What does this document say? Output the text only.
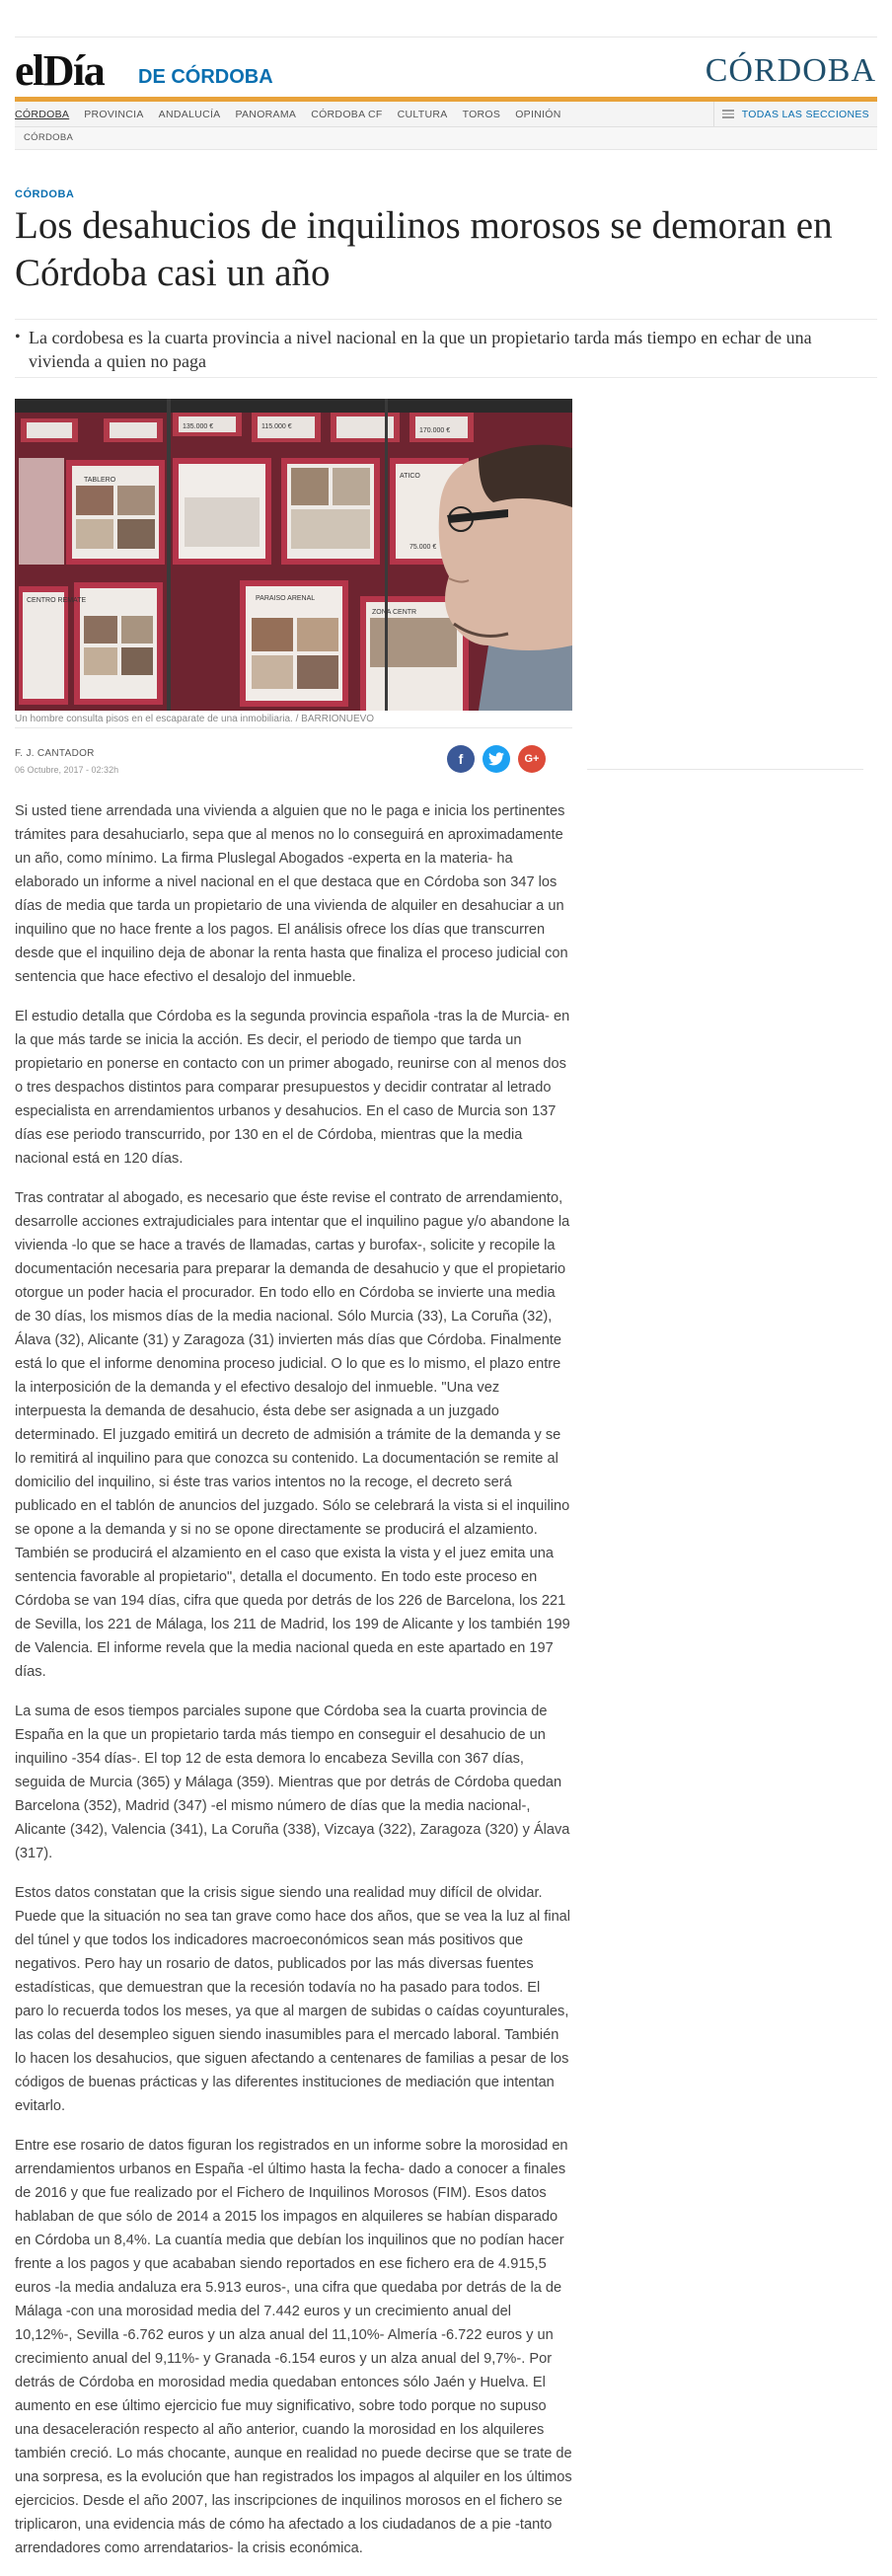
elDía DE CÓRDOBA	CÓRDOBA
CÓRDOBA PROVINCIA ANDALUCÍA PANORAMA CÓRDOBA CF CULTURA TOROS OPINIÓN	TODAS LAS SECCIONES
CÓRDOBA
CÓRDOBA
Los desahucios de inquilinos morosos se demoran en Córdoba casi un año
• La cordobesa es la cuarta provincia a nivel nacional en la que un propietario tarda más tiempo en echar de una vivienda a quien no paga
TABLERO
CENTRO REMATE	PARAISO ARENAL
ZONA CENTR
ATICO
170.000 €
135.000 €	115.000 €
75.000 €
Un hombre consulta pisos en el escaparate de una inmobiliaria. / BARRIONUEVO
F. J. CANTADOR
06 Octubre, 2017 - 02:32h
f	G+

Si usted tiene arrendada una vivienda a alguien que no le paga e inicia los pertinentes trámites para desahuciarlo, sepa que al menos no lo conseguirá en aproximadamente un año, como mínimo. La firma Pluslegal Abogados -experta en la materia- ha elaborado un informe a nivel nacional en el que destaca que en Córdoba son 347 los días de media que tarda un propietario de una vivienda de alquiler en desahuciar a un inquilino que no hace frente a los pagos. El análisis ofrece los días que transcurren desde que el inquilino deja de abonar la renta hasta que finaliza el proceso judicial con sentencia que hace efectivo el desalojo del inmueble.

El estudio detalla que Córdoba es la segunda provincia española -tras la de Murcia- en la que más tarde se inicia la acción. Es decir, el periodo de tiempo que tarda un propietario en ponerse en contacto con un primer abogado, reunirse con al menos dos o tres despachos distintos para comparar presupuestos y decidir contratar al letrado especialista en arrendamientos urbanos y desahucios. En el caso de Murcia son 137 días ese periodo transcurrido, por 130 en el de Córdoba, mientras que la media nacional está en 120 días.

Tras contratar al abogado, es necesario que éste revise el contrato de arrendamiento, desarrolle acciones extrajudiciales para intentar que el inquilino pague y/o abandone la vivienda -lo que se hace a través de llamadas, cartas y burofax-, solicite y recopile la documentación necesaria para preparar la demanda de desahucio y que el propietario otorgue un poder hacia el procurador. En todo ello en Córdoba se invierte una media de 30 días, los mismos días de la media nacional. Sólo Murcia (33), La Coruña (32), Álava (32), Alicante (31) y Zaragoza (31) invierten más días que Córdoba. Finalmente está lo que el informe denomina proceso judicial. O lo que es lo mismo, el plazo entre la interposición de la demanda y el efectivo desalojo del inmueble. "Una vez interpuesta la demanda de desahucio, ésta debe ser asignada a un juzgado determinado. El juzgado emitirá un decreto de admisión a trámite de la demanda y se lo remitirá al inquilino para que conozca su contenido. La documentación se remite al domicilio del inquilino, si éste tras varios intentos no la recoge, el decreto será publicado en el tablón de anuncios del juzgado. Sólo se celebrará la vista si el inquilino se opone a la demanda y si no se opone directamente se producirá el alzamiento. También se producirá el alzamiento en el caso que exista la vista y el juez emita una sentencia favorable al propietario", detalla el documento. En todo este proceso en Córdoba se van 194 días, cifra que queda por detrás de los 226 de Barcelona, los 221 de Sevilla, los 221 de Málaga, los 211 de Madrid, los 199 de Alicante y los también 199 de Valencia. El informe revela que la media nacional queda en este apartado en 197 días.

La suma de esos tiempos parciales supone que Córdoba sea la cuarta provincia de España en la que un propietario tarda más tiempo en conseguir el desahucio de un inquilino -354 días-. El top 12 de esta demora lo encabeza Sevilla con 367 días, seguida de Murcia (365) y Málaga (359). Mientras que por detrás de Córdoba quedan Barcelona (352), Madrid (347) -el mismo número de días que la media nacional-, Alicante (342), Valencia (341), La Coruña (338), Vizcaya (322), Zaragoza (320) y Álava (317).

Estos datos constatan que la crisis sigue siendo una realidad muy difícil de olvidar. Puede que la situación no sea tan grave como hace dos años, que se vea la luz al final del túnel y que todos los indicadores macroeconómicos sean más positivos que negativos. Pero hay un rosario de datos, publicados por las más diversas fuentes estadísticas, que demuestran que la recesión todavía no ha pasado para todos. El paro lo recuerda todos los meses, ya que al margen de subidas o caídas coyunturales, las colas del desempleo siguen siendo inasumibles para el mercado laboral. También lo hacen los desahucios, que siguen afectando a centenares de familias a pesar de los códigos de buenas prácticas y las diferentes instituciones de mediación que intentan evitarlo.

Entre ese rosario de datos figuran los registrados en un informe sobre la morosidad en arrendamientos urbanos en España -el último hasta la fecha- dado a conocer a finales de 2016 y que fue realizado por el Fichero de Inquilinos Morosos (FIM). Esos datos hablaban de que sólo de 2014 a 2015 los impagos en alquileres se habían disparado en Córdoba un 8,4%. La cuantía media que debían los inquilinos que no podían hacer frente a los pagos y que acababan siendo reportados en ese fichero era de 4.915,5 euros -la media andaluza era 5.913 euros-, una cifra que quedaba por detrás de la de Málaga -con una morosidad media del 7.442 euros y un crecimiento anual del 10,12%-, Sevilla -6.762 euros y un alza anual del 11,10%- Almería -6.722 euros y un crecimiento anual del 9,11%- y Granada -6.154 euros y un alza anual del 9,7%-. Por detrás de Córdoba en morosidad media quedaban entonces sólo Jaén y Huelva. El aumento en ese último ejercicio fue muy significativo, sobre todo porque no supuso una desaceleración respecto al año anterior, cuando la morosidad en los alquileres también creció. Lo más chocante, aunque en realidad no puede decirse que se trate de una sorpresa, es la evolución que han registrados los impagos al alquiler en los últimos ejercicios. Desde el año 2007, las inscripciones de inquilinos morosos en el fichero se triplicaron, una evidencia más de cómo ha afectado a los ciudadanos de a pie -tanto arrendadores como arrendatarios- la crisis económica.
